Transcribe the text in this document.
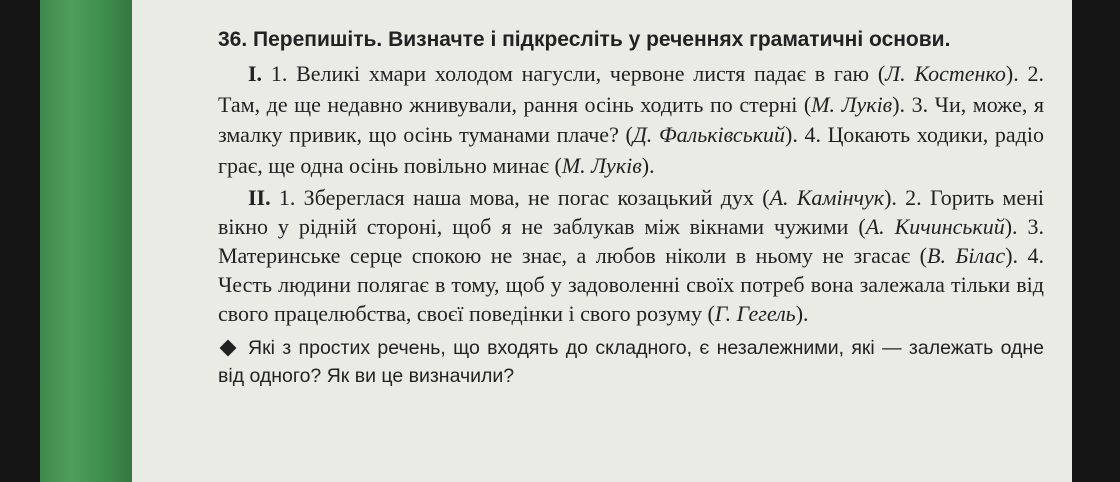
36. Перепишіть. Визначте і підкресліть у реченнях граматичні основи.

I. 1. Великі хмари холодом нагусли, червоне листя падає в гаю (Л. Костенко). 2. Там, де ще недавно жнивували, рання осінь ходить по стерні (М. Луків). 3. Чи, може, я змалку привик, що осінь туманами плаче? (Д. Фальківський). 4. Цокають ходики, радіо грає, ще одна осінь повільно минає (М. Луків).

II. 1. Збереглася наша мова, не погас козацький дух (А. Камінчук). 2. Горить мені вікно у рідній стороні, щоб я не заблукав між вікнами чужими (А. Кичинський). 3. Материнське серце спокою не знає, а любов ніколи в ньому не згасає (В. Білас). 4. Честь людини полягає в тому, щоб у задоволенні своїх потреб вона залежала тільки від свого працелюбства, своєї поведінки і свого розуму (Г. Гегель).

Які з простих речень, що входять до складного, є незалежними, які — залежать одне від одного? Як ви це визначили?
